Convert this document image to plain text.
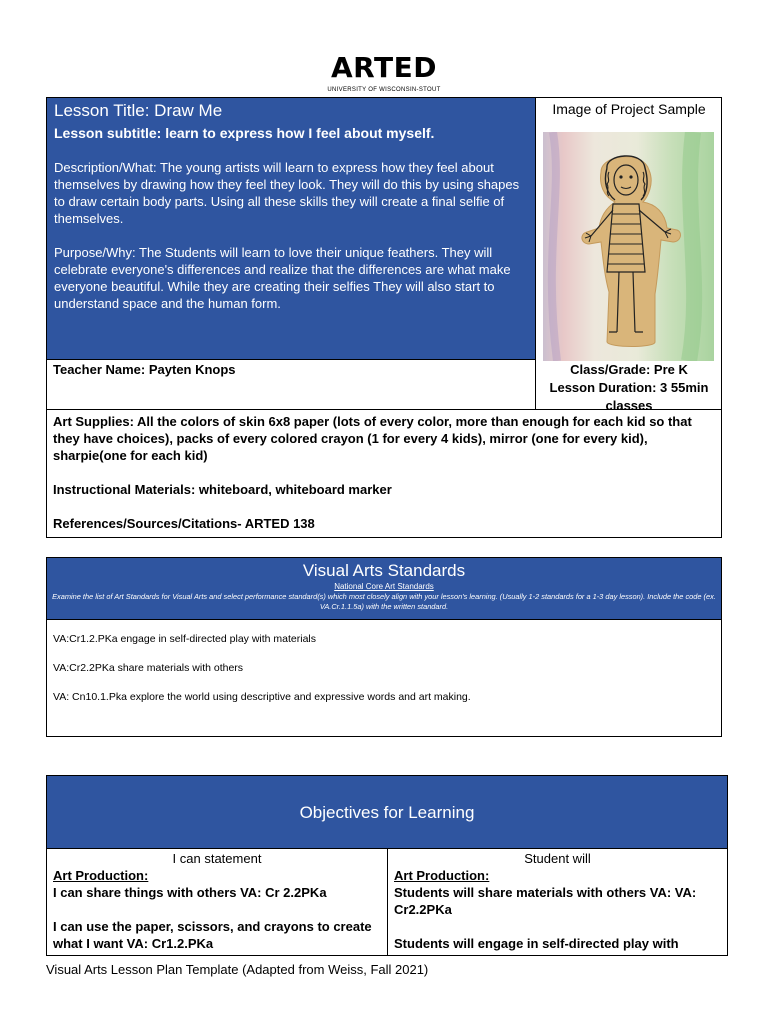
ARTED
UNIVERSITY OF WISCONSIN-STOUT
Lesson Title: Draw Me
Lesson subtitle: learn to express how I feel about myself.
Description/What: The young artists will learn to express how they feel about themselves by drawing how they feel they look. They will do this by using shapes to draw certain body parts. Using all these skills they will create a final selfie of themselves.
Purpose/Why: The Students will learn to love their unique feathers. They will celebrate everyone's differences and realize that the differences are what make everyone beautiful. While they are creating their selfies They will also start to understand space and the human form.
Image of Project Sample
Class/Grade: Pre K
Lesson Duration: 3 55min classes
Teacher Name: Payten Knops

Art Supplies: All the colors of skin 6x8 paper (lots of every color, more than enough for each kid so that they have choices), packs of every colored crayon (1 for every 4 kids), mirror (one for every kid), sharpie(one for each kid)

Instructional Materials: whiteboard, whiteboard marker

References/Sources/Citations- ARTED 138

Visual Arts Standards
National Core Art Standards
Examine the list of Art Standards for Visual Arts and select performance standard(s) which most closely align with your lesson's learning. (Usually 1-2 standards for a 1-3 day lesson). Include the code (ex. VA.Cr.1.1.5a) with the written standard.

VA:Cr1.2.PKa engage in self-directed play with materials

VA:Cr2.2PKa share materials with others

VA: Cn10.1.Pka explore the world using descriptive and expressive words and art making.

Objectives for Learning
I can statement

Art Production:

I can share things with others VA: Cr 2.2PKa

I can use the paper, scissors, and crayons to create what I want VA: Cr1.2.PKa

Student will

Art Production:

Students will share materials with others VA: VA: Cr2.2PKa

Students will engage in self-directed play with

Visual Arts Lesson Plan Template (Adapted from Weiss, Fall 2021)
